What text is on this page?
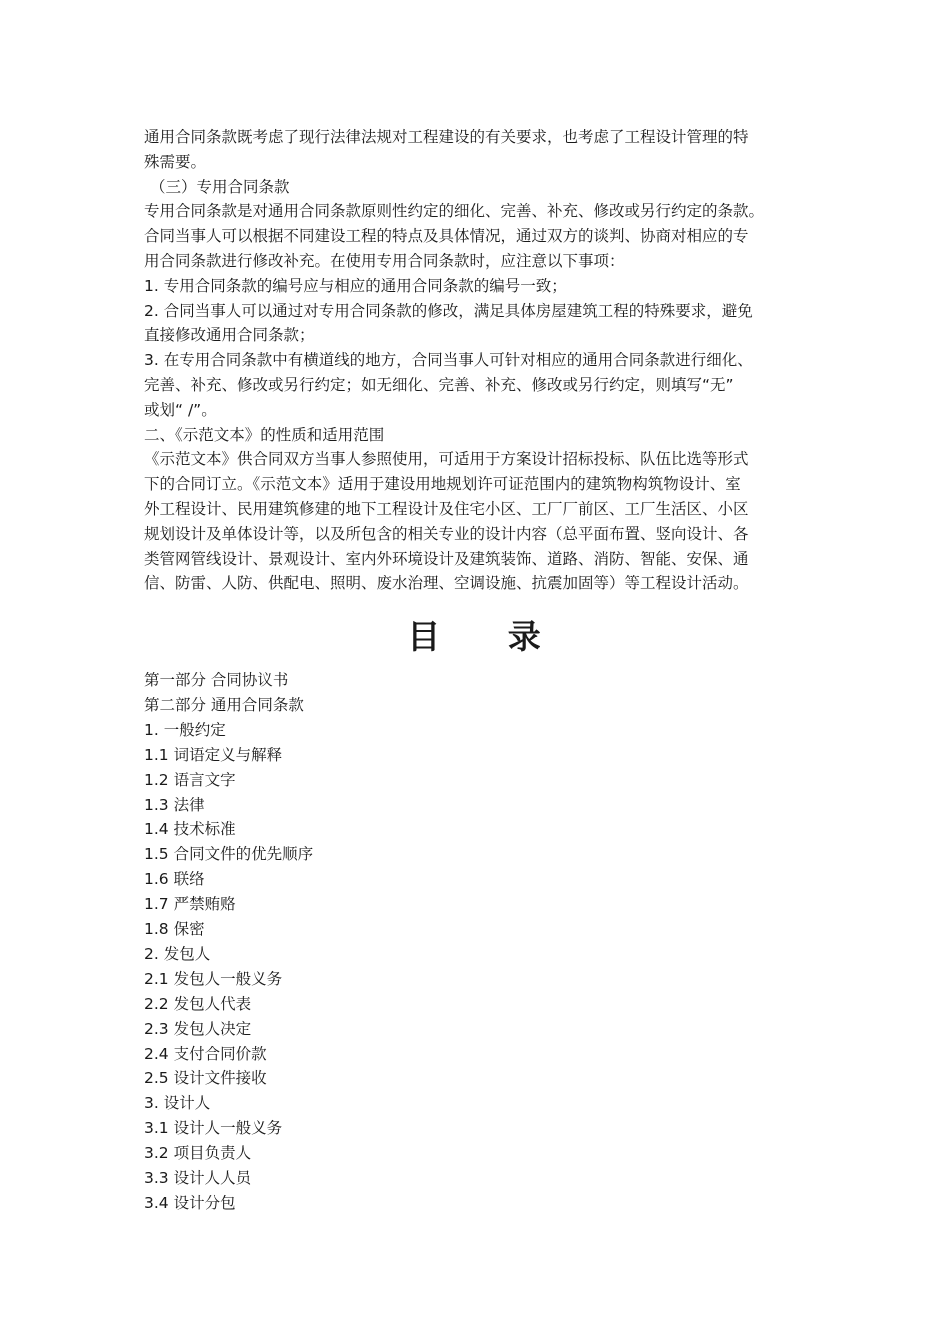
通用合同条款既考虑了现行法律法规对工程建设的有关要求，也考虑了工程设计管理的特
殊需要。
（三）专用合同条款
专用合同条款是对通用合同条款原则性约定的细化、完善、补充、修改或另行约定的条款。
合同当事人可以根据不同建设工程的特点及具体情况，通过双方的谈判、协商对相应的专
用合同条款进行修改补充。在使用专用合同条款时，应注意以下事项：
1. 专用合同条款的编号应与相应的通用合同条款的编号一致；
2. 合同当事人可以通过对专用合同条款的修改，满足具体房屋建筑工程的特殊要求，避免
直接修改通用合同条款；
3. 在专用合同条款中有横道线的地方，合同当事人可针对相应的通用合同条款进行细化、
完善、补充、修改或另行约定；如无细化、完善、补充、修改或另行约定，则填写“无”
或划“ /”。
二、《示范文本》的性质和适用范围
《示范文本》供合同双方当事人参照使用，可适用于方案设计招标投标、队伍比选等形式
下的合同订立。《示范文本》适用于建设用地规划许可证范围内的建筑物构筑物设计、室
外工程设计、民用建筑修建的地下工程设计及住宅小区、工厂厂前区、工厂生活区、小区
规划设计及单体设计等，以及所包含的相关专业的设计内容（总平面布置、竖向设计、各
类管网管线设计、景观设计、室内外环境设计及建筑装饰、道路、消防、智能、安保、通
信、防雷、人防、供配电、照明、废水治理、空调设施、抗震加固等）等工程设计活动。
目 录
第一部分 合同协议书
第二部分 通用合同条款
1. 一般约定
1.1 词语定义与解释
1.2 语言文字
1.3 法律
1.4 技术标准
1.5 合同文件的优先顺序
1.6 联络
1.7 严禁贿赂
1.8 保密
2. 发包人
2.1 发包人一般义务
2.2 发包人代表
2.3 发包人决定
2.4 支付合同价款
2.5 设计文件接收
3. 设计人
3.1 设计人一般义务
3.2 项目负责人
3.3 设计人人员
3.4 设计分包
